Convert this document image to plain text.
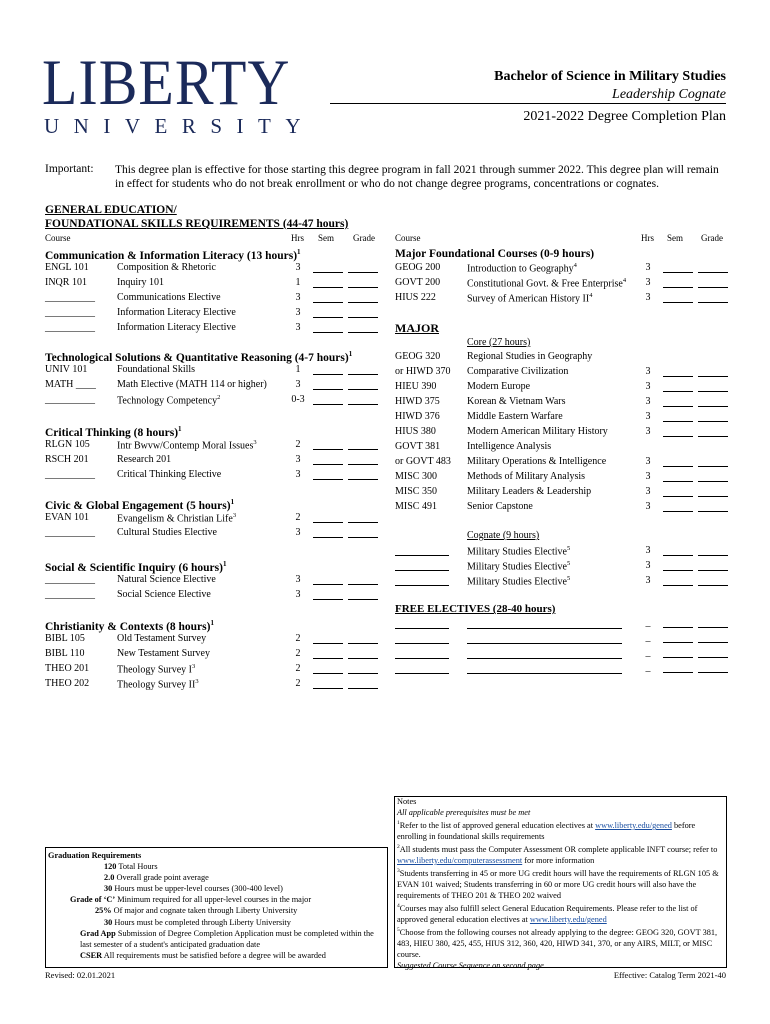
LIBERTY
UNIVERSITY
Bachelor of Science in Military Studies
Leadership Cognate
2021-2022 Degree Completion Plan
Important: This degree plan is effective for those starting this degree program in fall 2021 through summer 2022. This degree plan will remain in effect for students who do not break enrollment or who do not change degree programs, concentrations or cognates.
GENERAL EDUCATION/
FOUNDATIONAL SKILLS REQUIREMENTS (44-47 hours)
Course	Hrs Sem Grade
Communication & Information Literacy (13 hours)$^1$
ENGL 101	Composition & Rhetoric	3
INQR 101	Inquiry 101	1
__________ Communications Elective	3
__________ Information Literacy Elective	3
__________ Information Literacy Elective	3
Technological Solutions & Quantitative Reasoning (4-7 hours)$^1$
UNIV 101	Foundational Skills	1
MATH ____ Math Elective (MATH 114 or higher)	3
__________ Technology Competency$^2$	0-3
Critical Thinking (8 hours)$^1$
RLGN 105	Intr Bwvw/Contemp Moral Issues$^3$	2
RSCH 201	Research 201	3
__________ Critical Thinking Elective	3
Civic & Global Engagement (5 hours)$^1$
EVAN 101	Evangelism & Christian Life$^3$	2
__________ Cultural Studies Elective	3
Social & Scientific Inquiry (6 hours)$^1$
__________ Natural Science Elective	3
__________ Social Science Elective	3
Christianity & Contexts (8 hours)$^1$
BIBL 105	Old Testament Survey	2
BIBL 110	New Testament Survey	2
THEO 201	Theology Survey $I^3$	2
THEO 202	Theology Survey $II^3$	2
Course	Hrs Sem Grade
Major Foundational Courses (0-9 hours)
MAJOR
Core (27 hours)
Cognate (9 hours)
FREE ELECTIVES (28-40 hours)
GEOG 200	Introduction to Geography$^4$	3
GOVT 200	Constitutional Govt. & Free Enterprise$^4$	3
HIUS 222	Survey of American History $II^4$	3
GEOG 320	Regional Studies in Geography
or HIWD 370 Comparative Civilization	3
HIEU 390	Modern Europe	3
HIWD 375	Korean & Vietnam Wars	3
HIWD 376	Middle Eastern Warfare	3
HIUS 380	Modern American Military History	3
GOVT 381	Intelligence Analysis
or GOVT 483 Military Operations & Intelligence	3
MISC 300	Methods of Military Analysis	3
MISC 350	Military Leaders & Leadership	3
MISC 491	Senior Capstone	3
Military Studies Elective$^5$	3
Military Studies Elective$^5$	3
Military Studies Elective$^5$	3
_
_
_
_
Notes
All applicable prerequisites must be met
$^1$Refer to the list of approved general education electives at www.liberty.edu/gened before enrolling in foundational skills requirements
$^2$All students must pass the Computer Assessment OR complete applicable INFT course; refer to www.liberty.edu/computerassessment for more information
$^3$Students transferring in 45 or more UG credit hours will have the requirements of RLGN 105 & EVAN 101 waived; Students transferring in 60 or more UG credit hours will also have the requirements of THEO 201 & THEO 202 waived
$^4$Courses may also fulfill select General Education Requirements. Please refer to the list of approved general education electives at www.liberty.edu/gened
$^5$Choose from the following courses not already applying to the degree: GEOG 320, GOVT 381, 483, HIEU 380, 425, 455, HIUS 312, 360, 420, HIWD 341, 370, or any AIRS, MILT, or MISC course.
Suggested Course Sequence on second page
Graduation Requirements
120 Total Hours
2.0 Overall grade point average
30 Hours must be upper-level courses (300-400 level)
Grade of ‘C’ Minimum required for all upper-level courses in the major
25% Of major and cognate taken through Liberty University
30 Hours must be completed through Liberty University
Grad App Submission of Degree Completion Application must be completed within the last semester of a student's anticipated graduation date
CSER All requirements must be satisfied before a degree will be awarded
Revised: 02.01.2021	Effective: Catalog Term 2021-40
